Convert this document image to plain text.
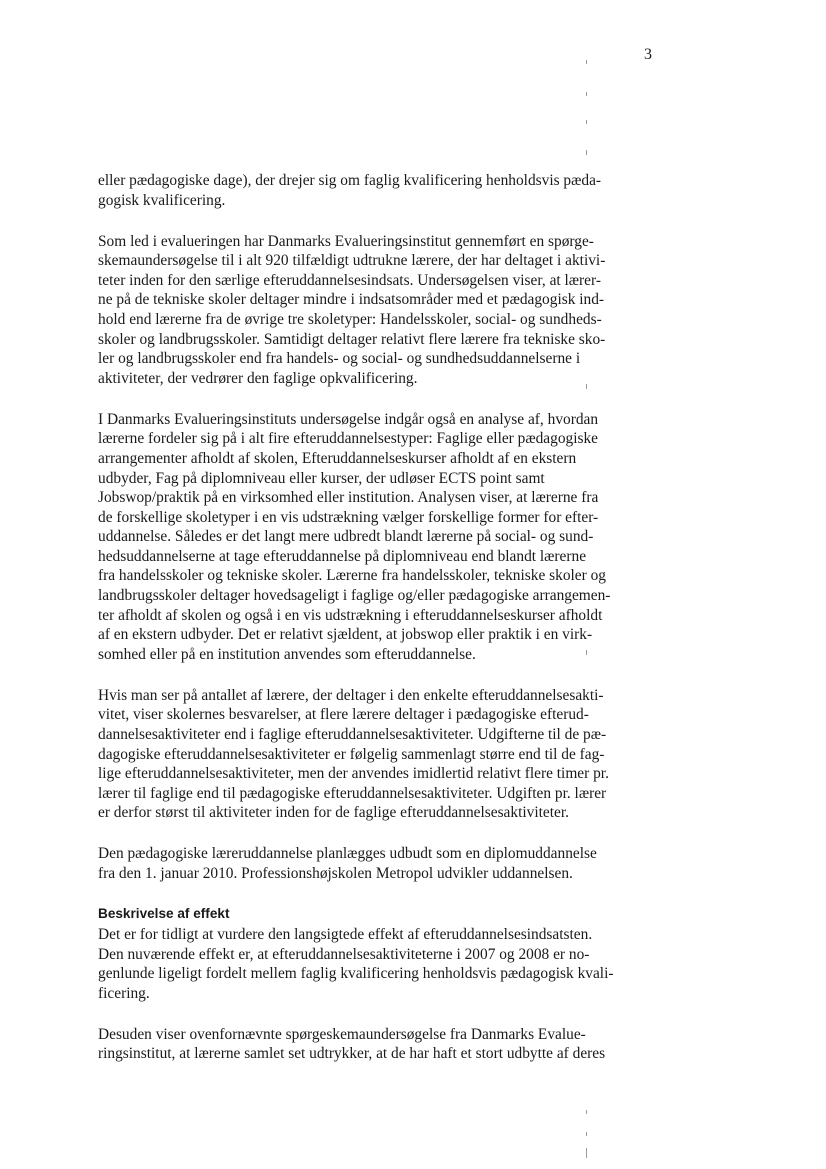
3
eller pædagogiske dage), der drejer sig om faglig kvalificering henholdsvis pæda-
gogisk kvalificering.
Som led i evalueringen har Danmarks Evalueringsinstitut gennemført en spørge-
skemaundersøgelse til i alt 920 tilfældigt udtrukne lærere, der har deltaget i aktivi-
teter inden for den særlige efteruddannelsesindsats. Undersøgelsen viser, at lærer-
ne på de tekniske skoler deltager mindre i indsatsområder med et pædagogisk ind-
hold end lærerne fra de øvrige tre skoletyper: Handelsskoler, social- og sundheds-
skoler og landbrugsskoler. Samtidigt deltager relativt flere lærere fra tekniske sko-
ler og landbrugsskoler end fra handels- og social- og sundhedsuddannelserne i
aktiviteter, der vedrører den faglige opkvalificering.
I Danmarks Evalueringsinstituts undersøgelse indgår også en analyse af, hvordan
lærerne fordeler sig på i alt fire efteruddannelsestyper: Faglige eller pædagogiske
arrangementer afholdt af skolen, Efteruddannelseskurser afholdt af en ekstern
udbyder, Fag på diplomniveau eller kurser, der udløser ECTS point samt
Jobswop/praktik på en virksomhed eller institution. Analysen viser, at lærerne fra
de forskellige skoletyper i en vis udstrækning vælger forskellige former for efter-
uddannelse. Således er det langt mere udbredt blandt lærerne på social- og sund-
hedsuddannelserne at tage efteruddannelse på diplomniveau end blandt lærerne
fra handelsskoler og tekniske skoler. Lærerne fra handelsskoler, tekniske skoler og
landbrugsskoler deltager hovedsageligt i faglige og/eller pædagogiske arrangemen-
ter afholdt af skolen og også i en vis udstrækning i efteruddannelseskurser afholdt
af en ekstern udbyder. Det er relativt sjældent, at jobswop eller praktik i en virk-
somhed eller på en institution anvendes som efteruddannelse.
Hvis man ser på antallet af lærere, der deltager i den enkelte efteruddannelsesakti-
vitet, viser skolernes besvarelser, at flere lærere deltager i pædagogiske efterud-
dannelsesaktiviteter end i faglige efteruddannelsesaktiviteter. Udgifterne til de pæ-
dagogiske efteruddannelsesaktiviteter er følgelig sammenlagt større end til de fag-
lige efteruddannelsesaktiviteter, men der anvendes imidlertid relativt flere timer pr.
lærer til faglige end til pædagogiske efteruddannelsesaktiviteter. Udgiften pr. lærer
er derfor størst til aktiviteter inden for de faglige efteruddannelsesaktiviteter.
Den pædagogiske læreruddannelse planlægges udbudt som en diplomuddannelse
fra den 1. januar 2010. Professionshøjskolen Metropol udvikler uddannelsen.
Beskrivelse af effekt
Det er for tidligt at vurdere den langsigtede effekt af efteruddannelsesindsatsten.
Den nuværende effekt er, at efteruddannelsesaktiviteterne i 2007 og 2008 er no-
genlunde ligeligt fordelt mellem faglig kvalificering henholdsvis pædagogisk kvali-
ficering.
Desuden viser ovenfornævnte spørgeskemaundersøgelse fra Danmarks Evalue-
ringsinstitut, at lærerne samlet set udtrykker, at de har haft et stort udbytte af deres
